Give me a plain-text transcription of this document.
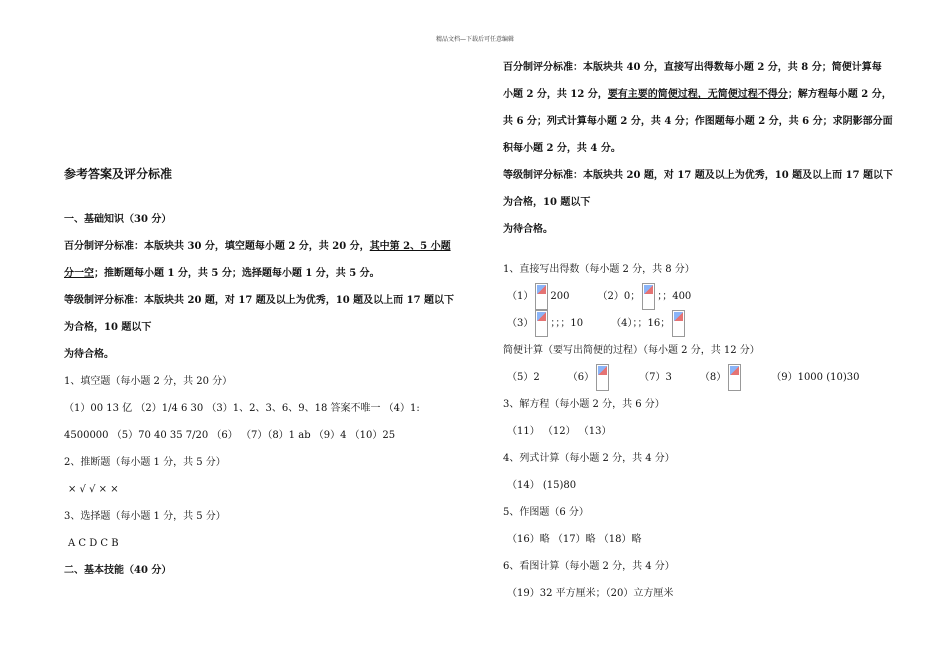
精品文档—下载后可任意编辑
参考答案及评分标准
一、基础知识（30 分）
百分制评分标准：本版块共 30 分，填空题每小题 2 分，共 20 分，其中第 2、5 小题
分一空；推断题每小题 1 分，共 5 分；选择题每小题 1 分，共 5 分。
等级制评分标准：本版块共 20 题，对 17 题及以上为优秀，10 题及以上而 17 题以下
为合格，10 题以下
为待合格。
1、填空题（每小题 2 分，共 20 分）
（1）00 13 亿 （2）1/4 6 30 （3）1、2、3、6、9、18 答案不唯一 （4）1:
4500000 （5）70 40 35 7/20 （6） （7）（8）1 ab （9）4 （10）25
2、推断题（每小题 1 分，共 5 分）
× √ √ × ×
3、选择题（每小题 1 分，共 5 分）
A C D C B
二、基本技能（40 分）
百分制评分标准：本版块共 40 分，直接写出得数每小题 2 分，共 8 分；简便计算每
小题 2 分，共 12 分，要有主要的简便过程，无简便过程不得分；解方程每小题 2 分，
共 6 分；列式计算每小题 2 分，共 4 分；作图题每小题 2 分，共 6 分；求阴影部分面
积每小题 2 分，共 4 分。
等级制评分标准：本版块共 20 题，对 17 题及以上为优秀，10 题及以上而 17 题以下
为合格，10 题以下
为待合格。
1、直接写出得数（每小题 2 分，共 8 分）
（1） 200	（2）0； ；；400
（3） ；；；10	（4）；；16；
简便计算（要写出简便的过程）（每小题 2 分，共 12 分）
（5）2	（6）	（7）3	（8）	（9）1000 (10)30
3、解方程（每小题 2 分，共 6 分）
（11） （12） （13）
4、列式计算（每小题 2 分，共 4 分）
（14） (15)80
5、作图题（6 分）
（16）略 （17）略 （18）略
6、看图计算（每小题 2 分，共 4 分）
（19）32 平方厘米；（20）立方厘米
